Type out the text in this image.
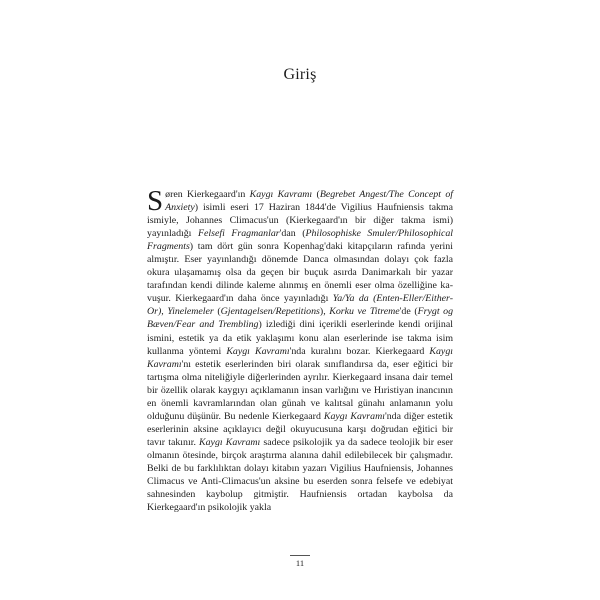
Giriş

Søren Kierkegaard'ın Kaygı Kavramı (Begrebet Angest/The Concept of Anxiety) isimli eseri 17 Haziran 1844'de Vigilius Haufniensis takma ismiyle, Johannes Climacus'un (Kierkegaard'ın bir diğer takma ismi) yayınladığı Felsefi Fragmanlar'dan (Philosophiske Smuler/Philosophical Fragments) tam dört gün sonra Kopenhag'daki kitapçıların rafında yerini almıştır. Eser yayınlandığı dönemde Danca olmasından dolayı çok fazla okura ulaşamamış olsa da geçen bir buçuk asırda Danimarkalı bir yazar tarafından kendi dilinde kaleme alınmış en önemli eser olma özelliğine kavuşur. Kierkegaard'ın daha önce yayınladığı Ya/Ya da (Enten-Eller/Either-Or), Yinelemeler (Gjentagelsen/Repetitions), Korku ve Titreme'de (Frygt og Bæven/Fear and Trembling) izlediği dini içerikli eserlerinde kendi orijinal ismini, estetik ya da etik yaklaşımı konu alan eserlerinde ise takma isim kullanma yöntemi Kaygı Kavramı'nda kuralını bozar. Kierkegaard Kaygı Kavramı'nı estetik eserlerinden biri olarak sınıflandırsa da, eser eğitici bir tartışma olma niteliğiyle diğerlerinden ayrılır. Kierkegaard insana dair temel bir özellik olarak kaygıyı açıklamanın insan varlığını ve Hıristiyan inancının en önemli kavramlarından olan günah ve kalıtsal günahı anlamanın yolu olduğunu düşünür. Bu nedenle Kierkegaard Kaygı Kavramı'nda diğer estetik eserlerinin aksine açıklayıcı değil okuyucusuna karşı doğrudan eğitici bir tavır takınır. Kaygı Kavramı sadece psikolojik ya da sadece teolojik bir eser olmanın ötesinde, birçok araştırma alanına dahil edilebilecek bir çalışmadır. Belki de bu farklılıktan dolayı kitabın yazarı Vigilius Haufniensis, Johannes Climacus ve Anti-Climacus'un aksine bu eserden sonra felsefe ve edebiyat sahnesinden kaybolup gitmiştir. Haufniensis ortadan kaybolsa da Kierkegaard'ın psikolojik yakla

11
